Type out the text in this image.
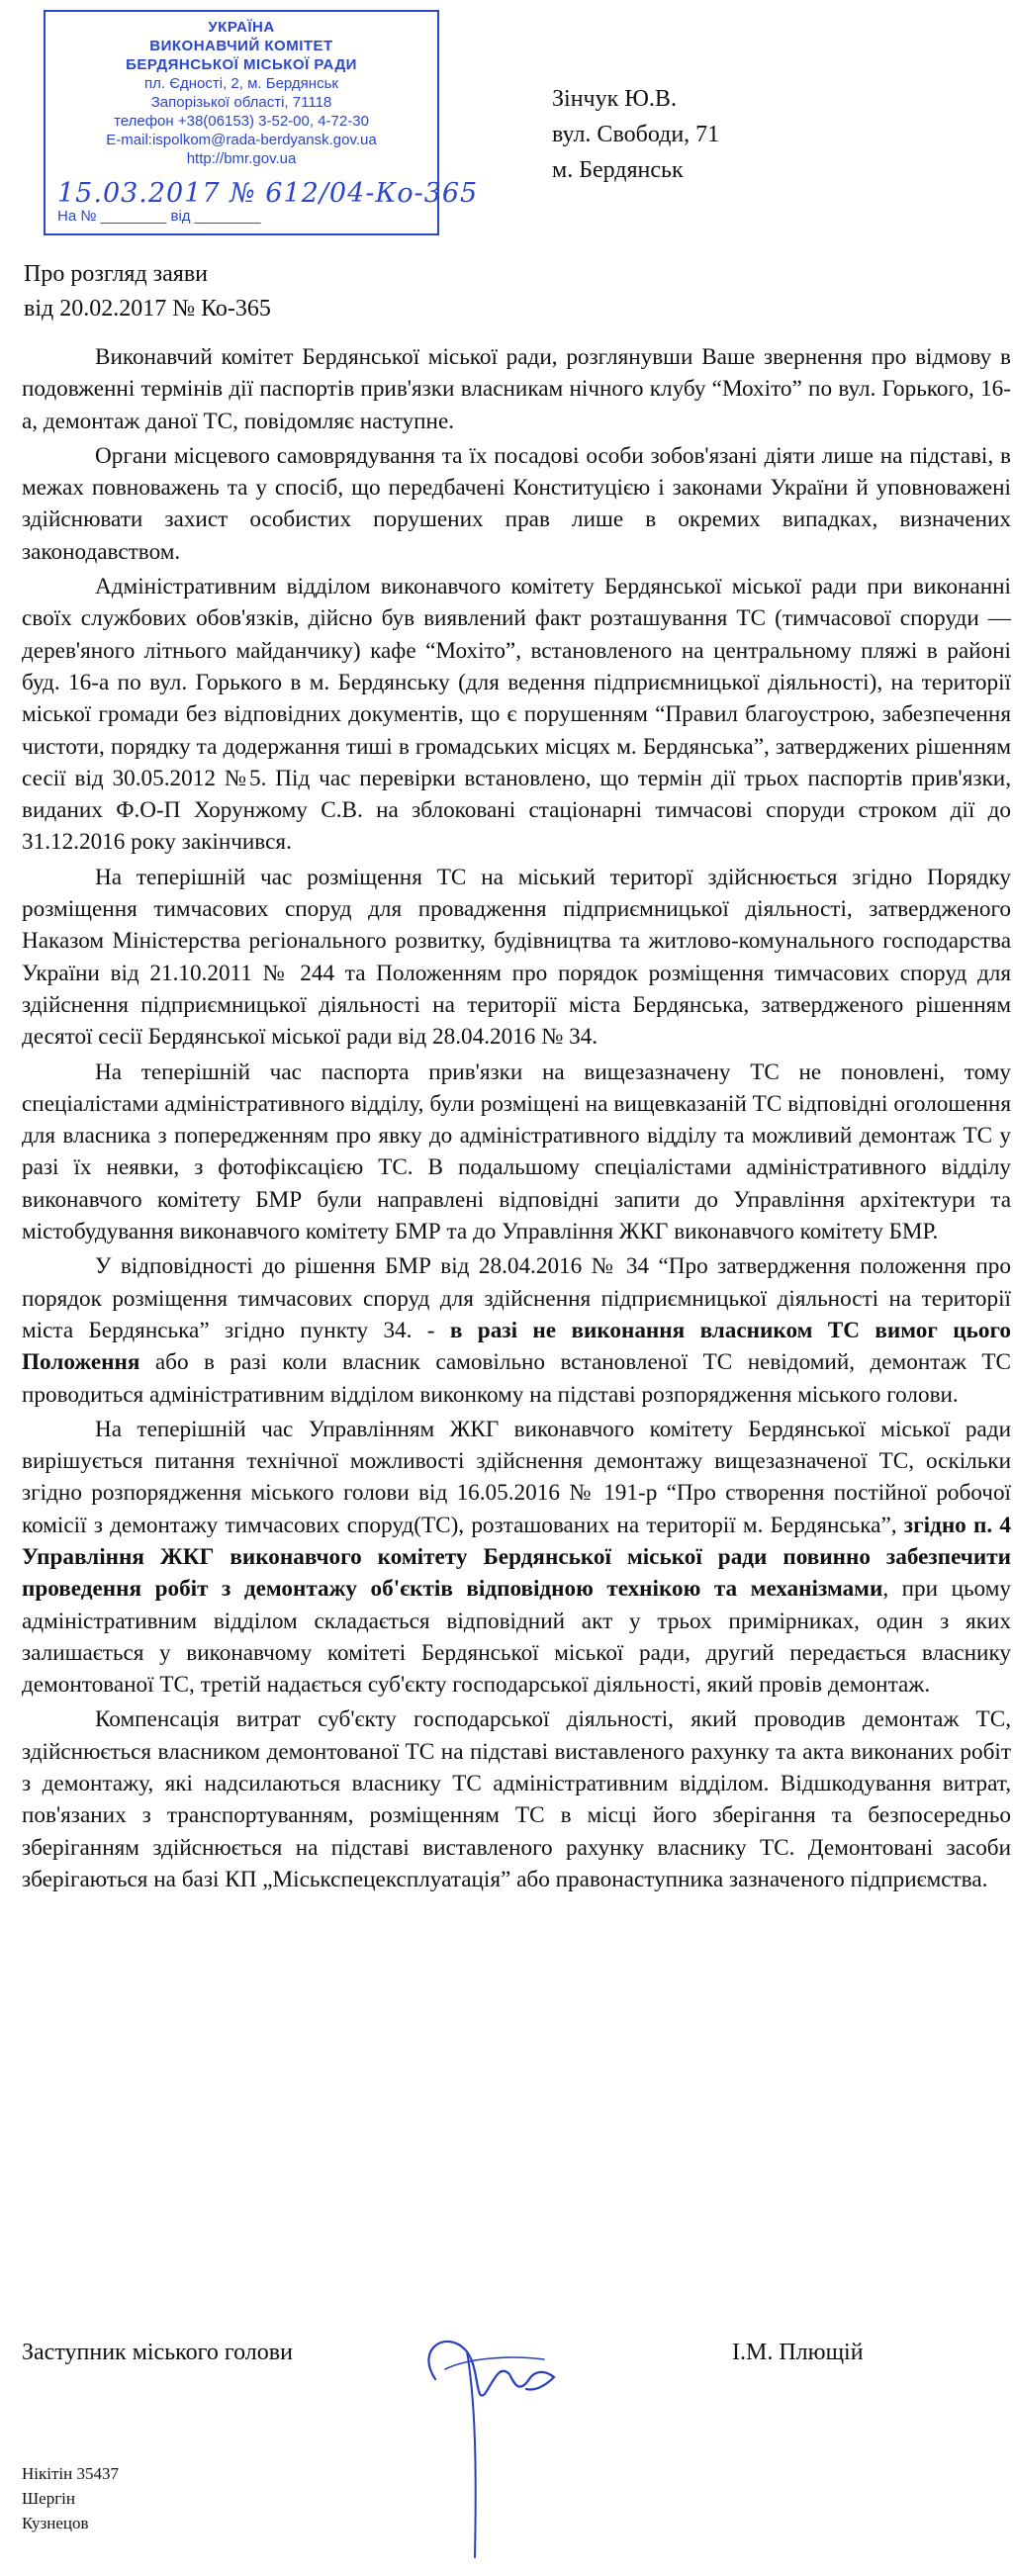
УКРАЇНА
ВИКОНАВЧИЙ КОМІТЕТ
БЕРДЯНСЬКОЇ МІСЬКОЇ РАДИ
пл. Єдності, 2, м. Бердянськ
Запорізької області, 71118
телефон +38(06153) 3-52-00, 4-72-30
E-mail:ispolkom@rada-berdyansk.gov.ua
http://bmr.gov.ua
15.03.2017 № 612/04-Ко-365
На № ________ від ________
Зінчук Ю.В.
вул. Свободи, 71
м. Бердянськ
Про розгляд заяви
від 20.02.2017 № Ко-365

Виконавчий комітет Бердянської міської ради, розглянувши Ваше звернення про відмову в подовженні термінів дії паспортів прив'язки власникам нічного клубу “Мохіто” по вул. Горького, 16-а, демонтаж даної ТС, повідомляє наступне.

Органи місцевого самоврядування та їх посадові особи зобов'язані діяти лише на підставі, в межах повноважень та у спосіб, що передбачені Конституцією і законами України й уповноважені здійснювати захист особистих порушених прав лише в окремих випадках, визначених законодавством.

Адміністративним відділом виконавчого комітету Бердянської міської ради при виконанні своїх службових обов'язків, дійсно був виявлений факт розташування ТС (тимчасової споруди — дерев'яного літнього майданчику) кафе “Мохіто”, встановленого на центральному пляжі в районі буд. 16-а по вул. Горького в м. Бердянську (для ведення підприємницької діяльності), на території міської громади без відповідних документів, що є порушенням “Правил благоустрою, забезпечення чистоти, порядку та додержання тиші в громадських місцях м. Бердянська”, затверджених рішенням сесії від 30.05.2012 №5. Під час перевірки встановлено, що термін дії трьох паспортів прив'язки, виданих Ф.О-П Хорунжому С.В. на зблоковані стаціонарні тимчасові споруди строком дії до 31.12.2016 року закінчився.

На теперішній час розміщення ТС на міський територї здійснюється згідно Порядку розміщення тимчасових споруд для провадження підприємницької діяльності, затвердженого Наказом Міністерства регіонального розвитку, будівництва та житлово-комунального господарства України від 21.10.2011 № 244 та Положенням про порядок розміщення тимчасових споруд для здійснення підприємницької діяльності на території міста Бердянська, затвердженого рішенням десятої сесії Бердянської міської ради від 28.04.2016 № 34.

На теперішній час паспорта прив'язки на вищезазначену ТС не поновлені, тому спеціалістами адміністративного відділу, були розміщені на вищевказаній ТС відповідні оголошення для власника з попередженням про явку до адміністративного відділу та можливий демонтаж ТС у разі їх неявки, з фотофіксацією ТС. В подальшому спеціалістами адміністративного відділу виконавчого комітету БМР були направлені відповідні запити до Управління архітектури та містобудування виконавчого комітету БМР та до Управління ЖКГ виконавчого комітету БМР.

У відповідності до рішення БМР від 28.04.2016 № 34 “Про затвердження положення про порядок розміщення тимчасових споруд для здійснення підприємницької діяльності на території міста Бердянська” згідно пункту 34. - в разі не виконання власником ТС вимог цього Положення або в разі коли власник самовільно встановленої ТС невідомий, демонтаж ТС проводиться адміністративним відділом виконкому на підставі розпорядження міського голови.

На теперішній час Управлінням ЖКГ виконавчого комітету Бердянської міської ради вирішується питання технічної можливості здійснення демонтажу вищезазначеної ТС, оскільки згідно розпорядження міського голови від 16.05.2016 № 191-р “Про створення постійної робочої комісії з демонтажу тимчасових споруд(ТС), розташованих на території м. Бердянська”, згідно п. 4 Управління ЖКГ виконавчого комітету Бердянської міської ради повинно забезпечити проведення робіт з демонтажу об'єктів відповідною технікою та механізмами, при цьому адміністративним відділом складається відповідний акт у трьох примірниках, один з яких залишається у виконавчому комітеті Бердянської міської ради, другий передається власнику демонтованої ТС, третій надається суб'єкту господарської діяльності, який провів демонтаж.

Компенсація витрат суб'єкту господарської діяльності, який проводив демонтаж ТС, здійснюється власником демонтованої ТС на підставі виставленого рахунку та акта виконаних робіт з демонтажу, які надсилаються власнику ТС адміністративним відділом. Відшкодування витрат, пов'язаних з транспортуванням, розміщенням ТС в місці його зберігання та безпосередньо зберіганням здійснюється на підставі виставленого рахунку власнику ТС. Демонтовані засоби зберігаються на базі КП „Міськспецексплуатація” або правонаступника зазначеного підприємства.

Заступник міського голови	І.М. Плющій
Нікітін 35437
Шергін
Кузнецов
